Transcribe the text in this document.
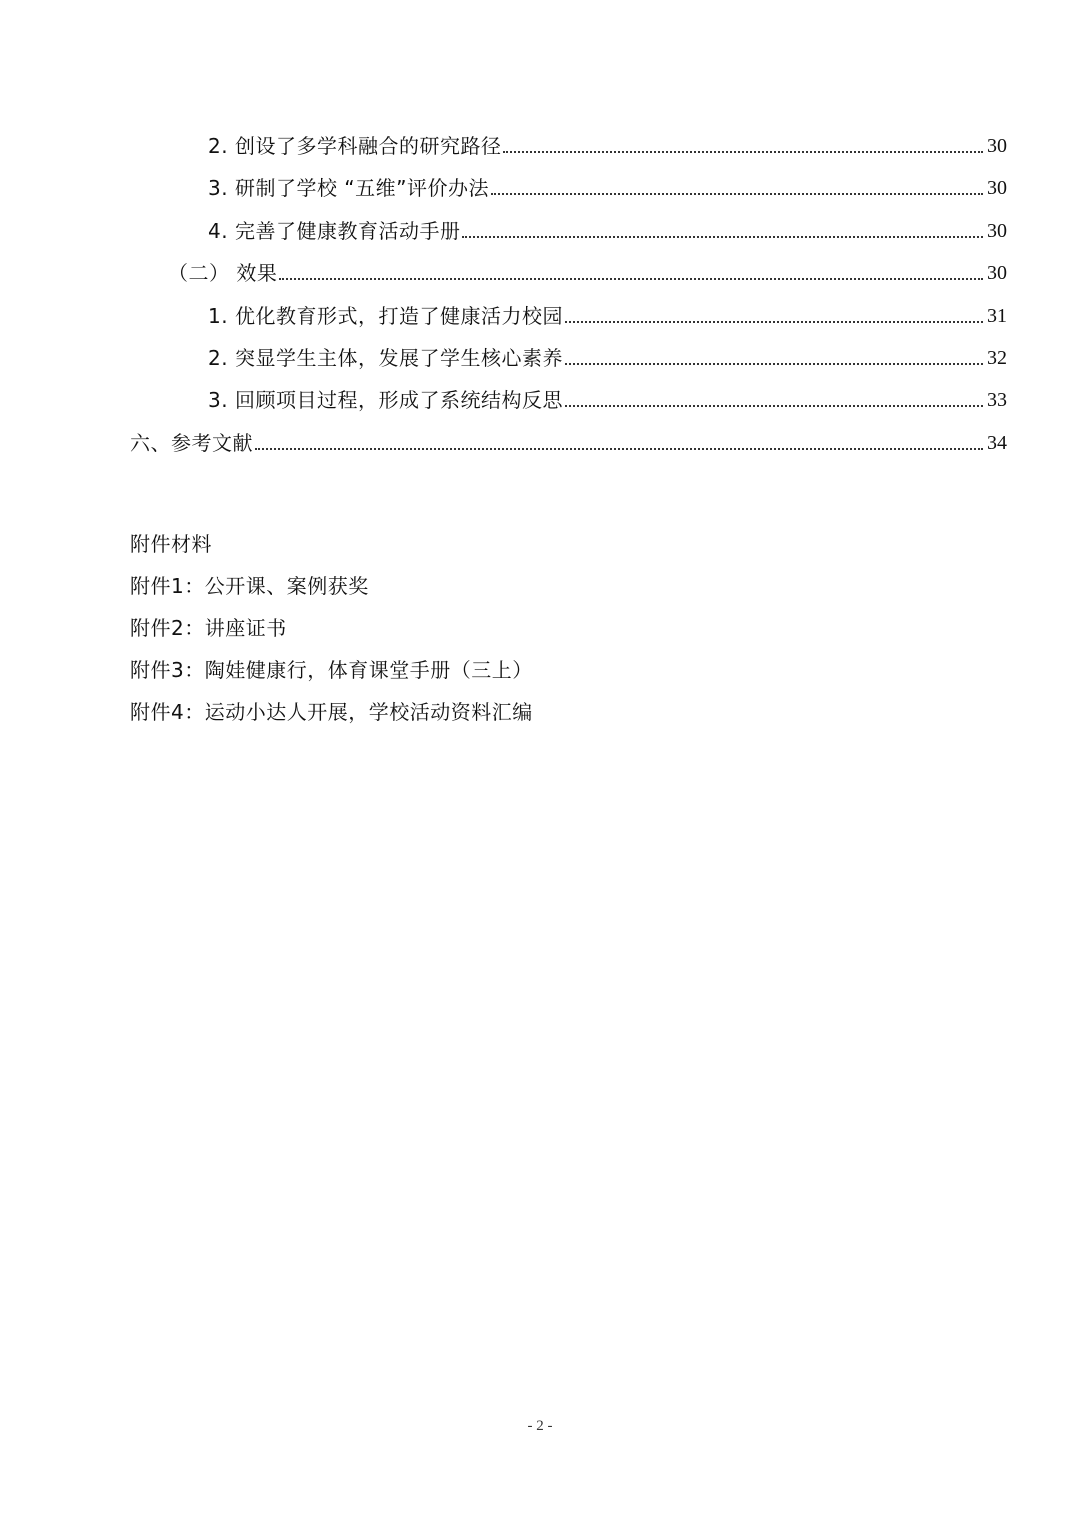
2. 创设了多学科融合的研究路径	30
3. 研制了学校 “五维”评价办法	30
4. 完善了健康教育活动手册	30
（二） 效果	30
1. 优化教育形式，打造了健康活力校园	31
2. 突显学生主体，发展了学生核心素养	32
3. 回顾项目过程，形成了系统结构反思	33
六、参考文献	34
附件材料
附件1：公开课、案例获奖
附件2：讲座证书
附件3：陶娃健康行，体育课堂手册（三上）
附件4：运动小达人开展，学校活动资料汇编
- 2 -
